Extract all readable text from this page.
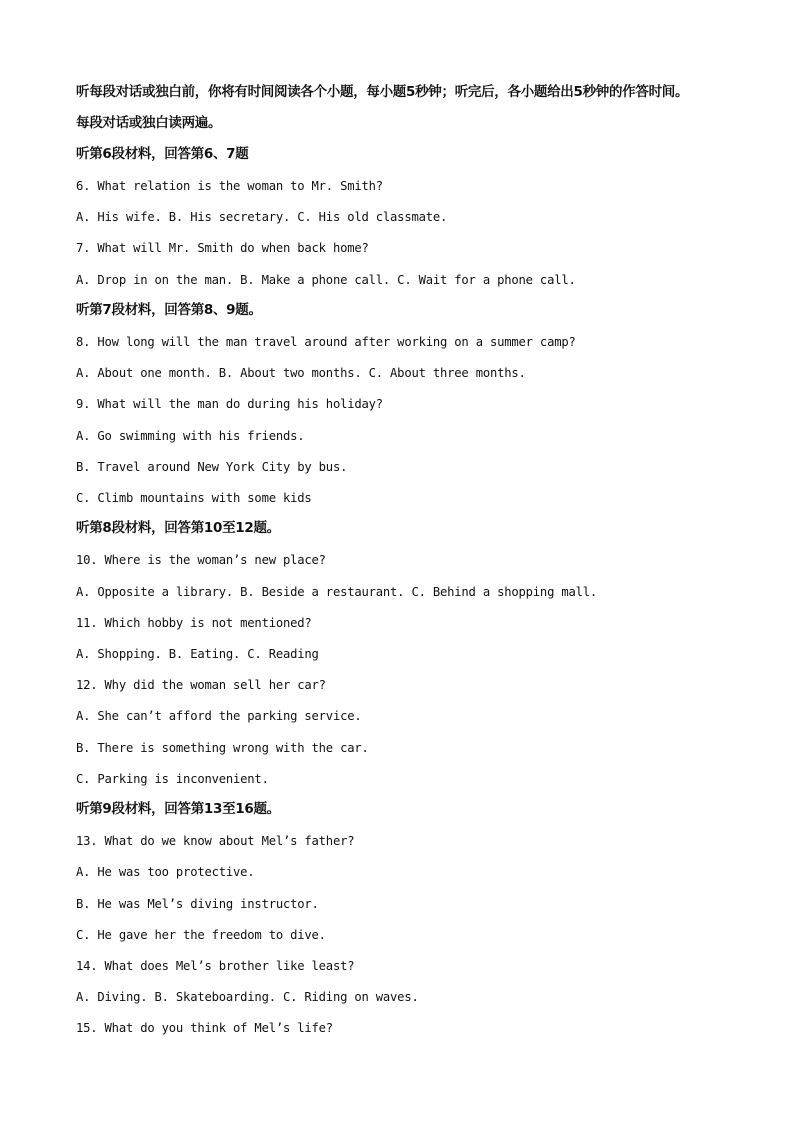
听每段对话或独白前，你将有时间阅读各个小题，每小题5秒钟；听完后，各小题给出5秒钟的作答时间。
每段对话或独白读两遍。
听第6段材料，回答第6、7题
6. What relation is the woman to Mr. Smith?
A. His wife. B. His secretary. C. His old classmate.
7. What will Mr. Smith do when back home?
A. Drop in on the man. B. Make a phone call. C. Wait for a phone call.
听第7段材料，回答第8、9题。
8. How long will the man travel around after working on a summer camp?
A. About one month. B. About two months. C. About three months.
9. What will the man do during his holiday?
A. Go swimming with his friends.
B. Travel around New York City by bus.
C. Climb mountains with some kids
听第8段材料，回答第10至12题。
10. Where is the woman’s new place?
A. Opposite a library. B. Beside a restaurant. C. Behind a shopping mall.
11. Which hobby is not mentioned?
A. Shopping. B. Eating. C. Reading
12. Why did the woman sell her car?
A. She can’t afford the parking service.
B. There is something wrong with the car.
C. Parking is inconvenient.
听第9段材料，回答第13至16题。
13. What do we know about Mel’s father?
A. He was too protective.
B. He was Mel’s diving instructor.
C. He gave her the freedom to dive.
14. What does Mel’s brother like least?
A. Diving. B. Skateboarding. C. Riding on waves.
15. What do you think of Mel’s life?
